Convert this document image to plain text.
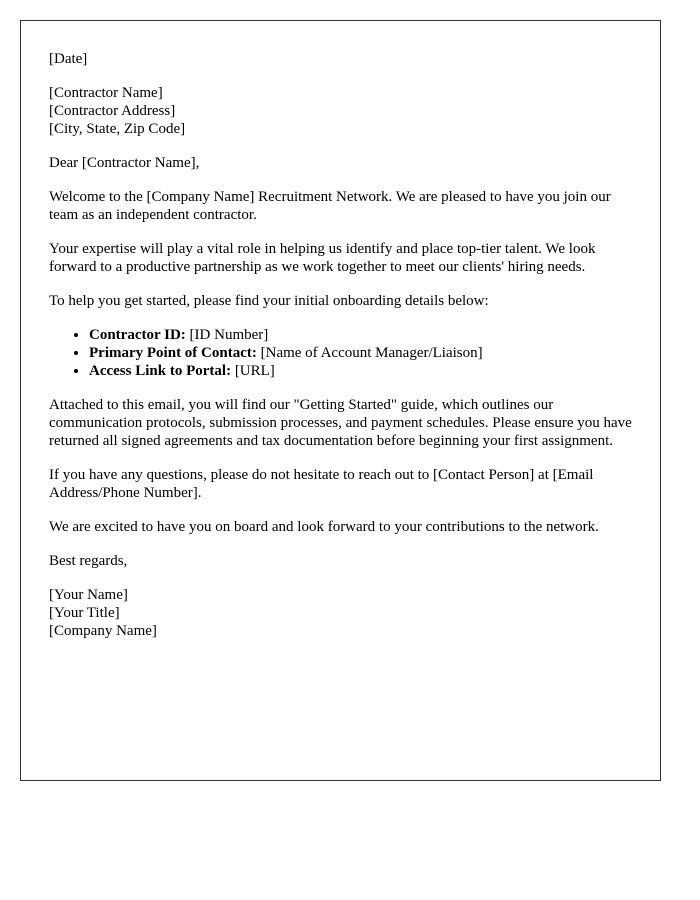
[Date]

[Contractor Name]
[Contractor Address]
[City, State, Zip Code]

Dear [Contractor Name],

Welcome to the [Company Name] Recruitment Network. We are pleased to have you join our team as an independent contractor.

Your expertise will play a vital role in helping us identify and place top-tier talent. We look forward to a productive partnership as we work together to meet our clients' hiring needs.

To help you get started, please find your initial onboarding details below:

• Contractor ID: [ID Number]
• Primary Point of Contact: [Name of Account Manager/Liaison]
• Access Link to Portal: [URL]

Attached to this email, you will find our "Getting Started" guide, which outlines our communication protocols, submission processes, and payment schedules. Please ensure you have returned all signed agreements and tax documentation before beginning your first assignment.

If you have any questions, please do not hesitate to reach out to [Contact Person] at [Email Address/Phone Number].

We are excited to have you on board and look forward to your contributions to the network.

Best regards,

[Your Name]
[Your Title]
[Company Name]
